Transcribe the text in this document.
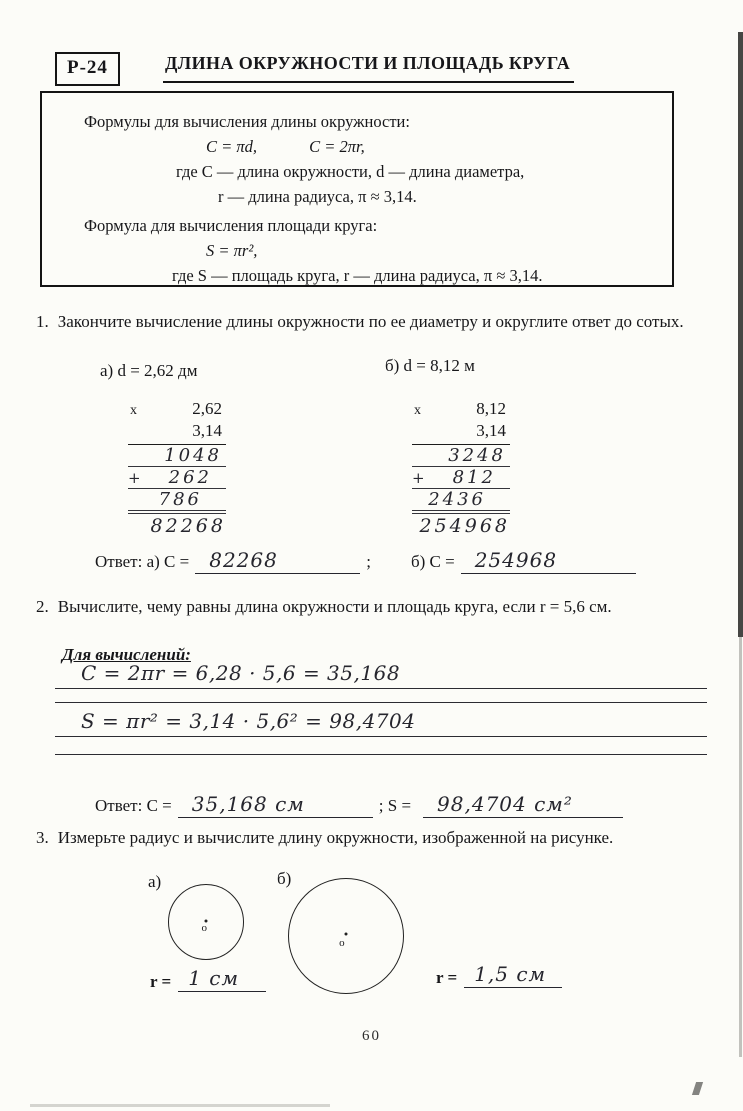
Р-24	ДЛИНА ОКРУЖНОСТИ И ПЛОЩАДЬ КРУГА

Формулы для вычисления длины окружности:

C = πd,	C = 2πr,

где C — длина окружности, d — длина диаметра,

r — длина радиуса, π ≈ 3,14.

Формула для вычисления площади круга:

S = πr²,

где S — площадь круга, r — длина радиуса, π ≈ 3,14.

1. Закончите вычисление длины окружности по ее диаметру и округлите ответ до сотых.
а) d = 2,62 дм	б) d = 8,12 м
x	2,62
3,14
1048
+ 262
786
82268
x	8,12
3,14
3248
+ 812
2436
254968
Ответ: а) C =	82268	;	б) C =	254968
2. Вычислите, чему равны длина окружности и площадь круга, если r = 5,6 см.
Для вычислений:
C = 2πr = 6,28 · 5,6 = 35,168
S = πr² = 3,14 · 5,6² = 98,4704
Ответ: C =	35,168 см	; S =	98,4704 см²
3. Измерьте радиус и вычислите длину окружности, изображенной на рисунке.
а)
о
б)
о
r = 1 см	r = 1,5 см
60
